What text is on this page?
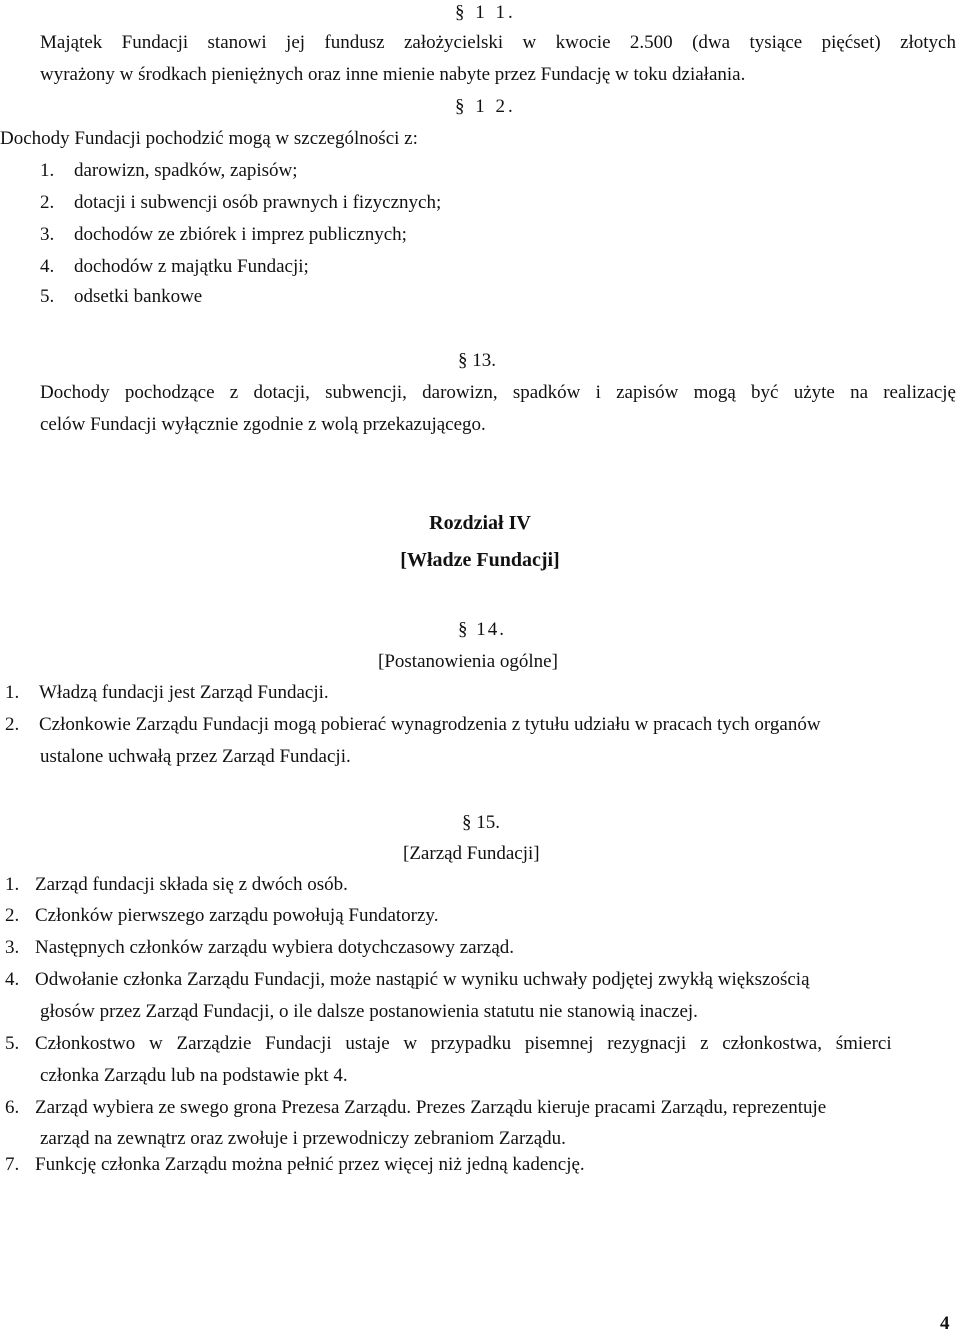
§ 1 1.
Majątek Fundacji stanowi jej fundusz założycielski w kwocie 2.500 (dwa tysiące pięćset) złotych
wyrażony w środkach pieniężnych oraz inne mienie nabyte przez Fundację w toku działania.
§ 1 2.
Dochody Fundacji pochodzić mogą w szczególności z:
1. darowizn, spadków, zapisów;
2. dotacji i subwencji osób prawnych i fizycznych;
3. dochodów ze zbiórek i imprez publicznych;
4. dochodów z majątku Fundacji;
5. odsetki bankowe
§ 13.
Dochody pochodzące z dotacji, subwencji, darowizn, spadków i zapisów mogą być użyte na realizację
celów Fundacji wyłącznie zgodnie z wolą przekazującego.
Rozdział IV
[Władze Fundacji]
§ 14.
[Postanowienia ogólne]
1. Władzą fundacji jest Zarząd Fundacji.
2. Członkowie Zarządu Fundacji mogą pobierać wynagrodzenia z tytułu udziału w pracach tych organów
ustalone uchwałą przez Zarząd Fundacji.
§ 15.
[Zarząd Fundacji]
1. Zarząd fundacji składa się z dwóch osób.
2. Członków pierwszego zarządu powołują Fundatorzy.
3. Następnych członków zarządu wybiera dotychczasowy zarząd.
4. Odwołanie członka Zarządu Fundacji, może nastąpić w wyniku uchwały podjętej zwykłą większością
głosów przez Zarząd Fundacji, o ile dalsze postanowienia statutu nie stanowią inaczej.
5. Członkostwo w Zarządzie Fundacji ustaje w przypadku pisemnej rezygnacji z członkostwa, śmierci
członka Zarządu lub na podstawie pkt 4.
6. Zarząd wybiera ze swego grona Prezesa Zarządu. Prezes Zarządu kieruje pracami Zarządu, reprezentuje
zarząd na zewnątrz oraz zwołuje i przewodniczy zebraniom Zarządu.
7. Funkcję członka Zarządu można pełnić przez więcej niż jedną kadencję.
4
